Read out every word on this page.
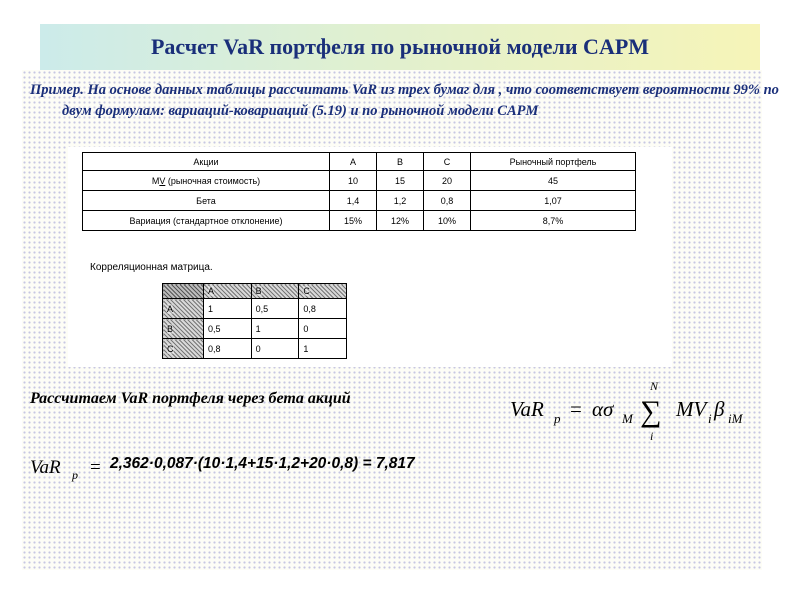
Расчет VaR портфеля по рыночной модели CAPM
Пример. На основе данных таблицы рассчитать VaR из трех бумаг для , что соответствует вероятности 99% по двум формулам: вариаций-ковариаций (5.19) и по рыночной модели CAPM
Акции	A	B	C	Рыночный портфель
MV (рыночная стоимость)	10	15	20	45
Бета	1,4	1,2	0,8	1,07
Вариация (стандартное отклонение)	15%	12%	10%	8,7%
Корреляционная матрица.
	A	B	C
A	1	0,5	0,8
B	0,5	1	0
C	0,8	0	1
Рассчитаем VaR портфеля через бета акций	VaR p = ασ M
N
∑
i
MV i β iM
VaR p = 2,362·0,087·(10·1,4+15·1,2+20·0,8) = 7,817
